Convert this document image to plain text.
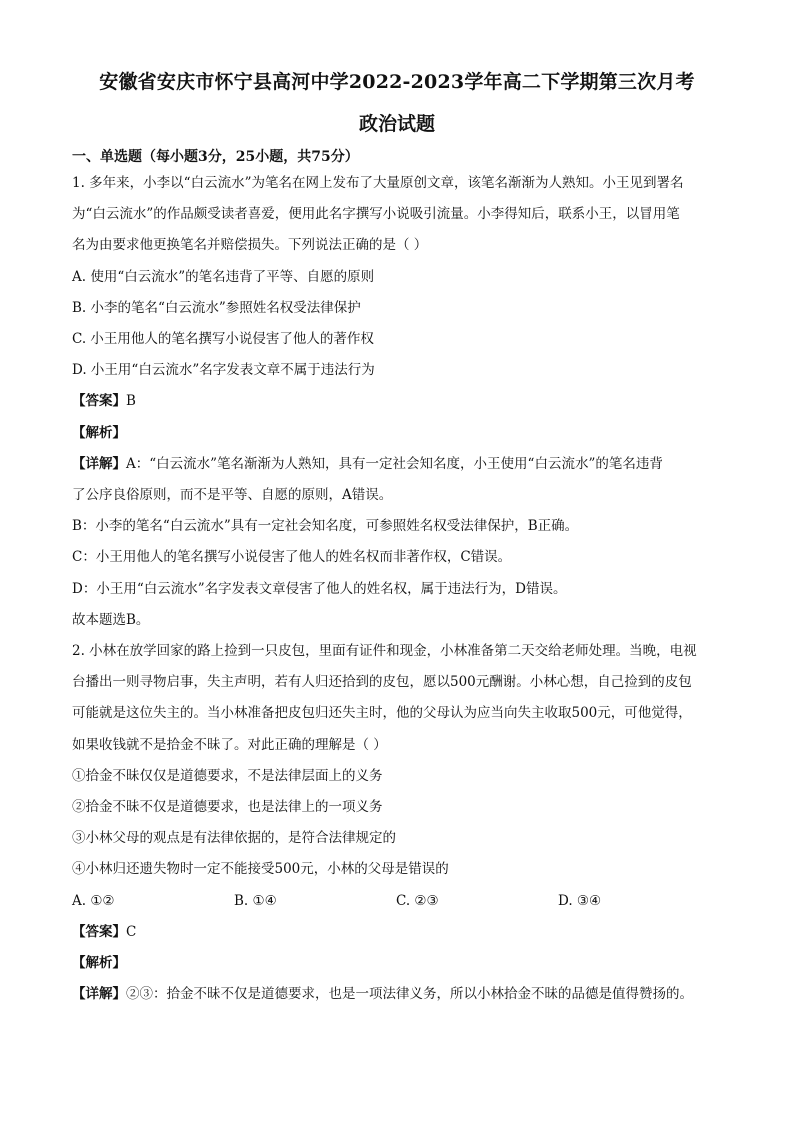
安徽省安庆市怀宁县高河中学2022-2023学年高二下学期第三次月考
政治试题

一、单选题（每小题3分，25小题，共75分）

1. 多年来，小李以“白云流水”为笔名在网上发布了大量原创文章，该笔名渐渐为人熟知。小王见到署名

为“白云流水”的作品颇受读者喜爱，便用此名字撰写小说吸引流量。小李得知后，联系小王，以冒用笔

名为由要求他更换笔名并赔偿损失。下列说法正确的是（ ）

A. 使用“白云流水”的笔名违背了平等、自愿的原则

B. 小李的笔名“白云流水”参照姓名权受法律保护

C. 小王用他人的笔名撰写小说侵害了他人的著作权

D. 小王用“白云流水”名字发表文章不属于违法行为

【答案】B

【解析】

【详解】A：“白云流水”笔名渐渐为人熟知，具有一定社会知名度，小王使用“白云流水”的笔名违背

了公序良俗原则，而不是平等、自愿的原则，A错误。

B：小李的笔名“白云流水”具有一定社会知名度，可参照姓名权受法律保护，B正确。

C：小王用他人的笔名撰写小说侵害了他人的姓名权而非著作权，C错误。

D：小王用“白云流水”名字发表文章侵害了他人的姓名权，属于违法行为，D错误。

故本题选B。

2. 小林在放学回家的路上捡到一只皮包，里面有证件和现金，小林准备第二天交给老师处理。当晚，电视

台播出一则寻物启事，失主声明，若有人归还拾到的皮包，愿以500元酬谢。小林心想，自己捡到的皮包

可能就是这位失主的。当小林准备把皮包归还失主时，他的父母认为应当向失主收取500元，可他觉得，

如果收钱就不是拾金不昧了。对此正确的理解是（ ）

①拾金不昧仅仅是道德要求，不是法律层面上的义务

②拾金不昧不仅是道德要求，也是法律上的一项义务

③小林父母的观点是有法律依据的，是符合法律规定的

④小林归还遗失物时一定不能接受500元，小林的父母是错误的

A. ①②	B. ①④	C. ②③	D. ③④

【答案】C

【解析】

【详解】②③：拾金不昧不仅是道德要求，也是一项法律义务，所以小林拾金不昧的品德是值得赞扬的。
